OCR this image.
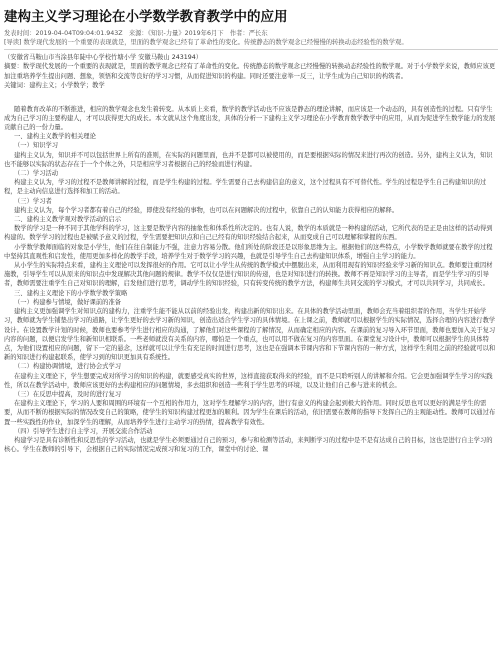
建构主义学习理论在小学数学教育教学中的应用
发表时间：2019-04-04T09:04:01.943Z　来源：《知识-力量》2019年6月下　作者：严长东
[导读] 数学现代发展的一个重要的表现就是，里面的教学观念已经有了革命性的变化。传统静态的数学观念已经慢慢的转换动态经验性的数学观。
（安徽省马鞍山市当涂县年陡中心学校竹塘小学 安徽马鞍山 243194）
摘要：数学现代发展的一个重要的表现就是，里面的教学观念已经有了革命性的变化。传统静态的数学观念已经慢慢的转换动态经验性的数学观。对于小学数学来说，教师应该更加注重培养学生提出问题、想象，领悟和交流等良好的学习习惯，从而促进知识的构建。同时还要注意举一反三，让学生成为自己知识的构筑者。
关键词：建构主义；小学数学；教学

随着教育改革的不断推进，相应的数学观念也发生着转变。从本质上来看，数学的教学活动也不应该是静态的理论讲解，而应该是一个动态的，具有创造性的过程。只有学生成为自己学习的主要构建人，才可以获得更大的成长。本文就从这个角度出发，具体的分析一下建构主义学习理论在小学教育数学教学中的应用，从而为促进学生数学能力的发展贡献自己的一份力量。

一、建构主义教学的相关理论

（一）知识学习

建构主义认为，知识并不可以包括世界上所有的准则，在实际的问题里面，也并不是都可以被使用的，而是要根据实际的情况来进行再次的创造。另外，建构主义认为，知识也不能够以实际的状态存在于一个个体之外，只是相应学习者根据自己的经验而进行构建。

（二）学习活动

构建主义认为，学习的过程不是教师讲解的过程，而是学生构建的过程。学生需要自己去构建信息的意义，这个过程具有不可替代性。学生的过程是学生自己构建知识的过程，是主动向信息进行选择和加工的活动。

（三）学习者

建构主义认为，每个学习者都有着自己的经验，即使没有经验的事物，也可以在问题解决的过程中，依靠自己的认知能力获得相应的解释。

二、建构主义教学观对教学活动的启示

数学的学习是一种不同于其他学科的学习，这主要是数学内容的抽象性和体系性所决定的。也有人说，数学的本质就是一种构建的活动，它所代表的是正是由这样的活动得到构建的。数学学习的过程也是被赋予意义的过程，学生需要把知识点和自己已经有的知识经验结合起来，从而变成自己可以理解和掌握的东西。

小学数学教师面临的对象是小学生，他们在往自制能力不强，注意力容易分散。他们所处的阶段还是以形象思维为主。根据他们的这些特点，小学数学教师就要在教学的过程中坚持其直观性和启发性，使用更加多样化的教学手段，培养学生对于数学学习的兴趣，也就是引导学生自己去构建知识体系，增强自主学习的能力。

从小学生的实际特点来看，建构主义理论可以发挥很好的作用。它可以让小学生从传统的教学模式中摆脱出来，从而利用现有的知识经验来学习新的知识点。教师要注重因材施教，引导学生可以从原来的知识点中发现解决其他问题的规律。教学不仅仅是进行知识的传递，也是对知识进行的转换。教师不再是知识学习的主导者，而是学生学习的引导者，教师需要注重学生自己对知识的理解，启发他们进行思考，调动学生的知识经验，只有转变传统的教学方法，构建师生共同交流的学习模式，才可以共同学习，共同成长。

三、建构主义理论下的小学数学教学策略

（一）构建参与情境，做好课前的准备

建构主义更加强调学生对知识点的建构力，注重学生能不能从以前的经验出发，构建出新的知识出来。在具体的教学活动里面，教师会充当着组织者的作用，当学生开始学习，教师就为学生铺垫出学习的道路，让学生更好的去学习新的知识，创造出适合学生学习的具体情境。在上课之前，教师就可以根据学生的实际情况，选择合理的内容进行教学设计。在设置教学计划的时候，教师也要参考学生进行相应的沟通，了解他们对这些课程的了解情况，从而确定相应的内容。在课前的复习导入环节里面，教师也要加入关于复习内容的问题，以便启发学生和新知识相联系。一些老师就没有关系的内容，哪怕是一个重点，也可以用不做在复习的内容里面。在课堂复习设计中，教师可以根据学生的具体特点，为他们设置相应的问题，留下一定的悬念，这样就可以让学生有充足的时间进行思考，这也是在强调本节课内容和下节课内容的一种方式，这样学生利用之前的经验就可以和新的知识进行构建起联系，使学习到的知识更加具有系统性。

（二）构建协调情境，进行协会式学习

在建构主义理论下，学生想要完成对所学习的知识的构建，就要感受真实的世界，这样直接获取得来的经验，而不是只聆听别人的讲解和介绍。它会更加强调学生学习的实践性，所以在教学活动中，教师应该更好的去构建相应的问题情境，多去组织和创造一些利于学生思考的环境，以及让他们自己参与进来的机会。

（三）在反思中提高，及时的进行复习

在建构主义理论下，学习的人要和周围的环境有一个互相的作用力，这对学生理解学习的内容，进行有意义的构建会起到极大的作用。同时反思也可以更好的满足学生的需要，从而不断的根据实际的情况改变自己的策略，使学生的知识构建过程更加的顺利。因为学生在课后的活动，依旧需要在教师的指导下发挥自己的主观能动性。教师可以通过布置一些实践性的作业，加深学生的理解，从而培养学生进行主动学习的热情，提高教学有效性。

（四）引导学生进行自主学习，开展交流合作活动

构建学习是具有诊断性和反思性的学习活动，也就是学生必须要通过自己的预习，参与和检测等活动，来判断学习的过程中是不是有达成自己的目标，这也是进行自主学习的核心。学生在教师的引导下，会根据自己的实际情况完成预习和复习的工作，课堂中的讨论、课
